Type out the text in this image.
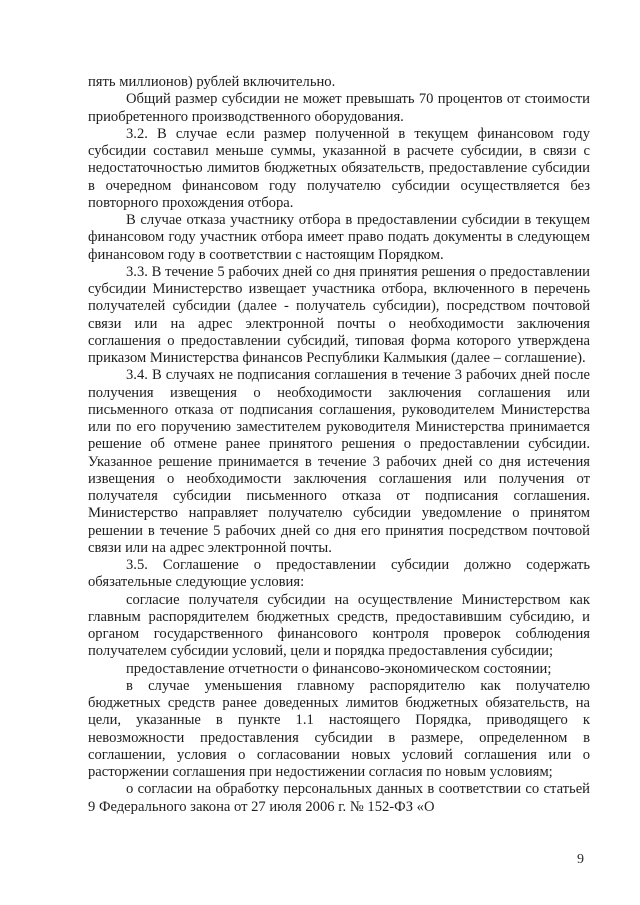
пять миллионов) рублей включительно.

Общий размер субсидии не может превышать 70 процентов от стоимости приобретенного производственного оборудования.

3.2. В случае если размер полученной в текущем финансовом году субсидии составил меньше суммы, указанной в расчете субсидии, в связи с недостаточностью лимитов бюджетных обязательств, предоставление субсидии в очередном финансовом году получателю субсидии осуществляется без повторного прохождения отбора.

В случае отказа участнику отбора в предоставлении субсидии в текущем финансовом году участник отбора имеет право подать документы в следующем финансовом году в соответствии с настоящим Порядком.

3.3. В течение 5 рабочих дней со дня принятия решения о предоставлении субсидии Министерство извещает участника отбора, включенного в перечень получателей субсидии (далее - получатель субсидии), посредством почтовой связи или на адрес электронной почты о необходимости заключения соглашения о предоставлении субсидий, типовая форма которого утверждена приказом Министерства финансов Республики Калмыкия (далее – соглашение).

3.4. В случаях не подписания соглашения в течение 3 рабочих дней после получения извещения о необходимости заключения соглашения или письменного отказа от подписания соглашения, руководителем Министерства или по его поручению заместителем руководителя Министерства принимается решение об отмене ранее принятого решения о предоставлении субсидии. Указанное решение принимается в течение 3 рабочих дней со дня истечения извещения о необходимости заключения соглашения или получения от получателя субсидии письменного отказа от подписания соглашения. Министерство направляет получателю субсидии уведомление о принятом решении в течение 5 рабочих дней со дня его принятия посредством почтовой связи или на адрес электронной почты.

3.5. Соглашение о предоставлении субсидии должно содержать обязательные следующие условия:

согласие получателя субсидии на осуществление Министерством как главным распорядителем бюджетных средств, предоставившим субсидию, и органом государственного финансового контроля проверок соблюдения получателем субсидии условий, цели и порядка предоставления субсидии;

предоставление отчетности о финансово-экономическом состоянии;

в случае уменьшения главному распорядителю как получателю бюджетных средств ранее доведенных лимитов бюджетных обязательств, на цели, указанные в пункте 1.1 настоящего Порядка, приводящего к невозможности предоставления субсидии в размере, определенном в соглашении, условия о согласовании новых условий соглашения или о расторжении соглашения при недостижении согласия по новым условиям;

о согласии на обработку персональных данных в соответствии со статьей 9 Федерального закона от 27 июля 2006 г. № 152-ФЗ «О

9
